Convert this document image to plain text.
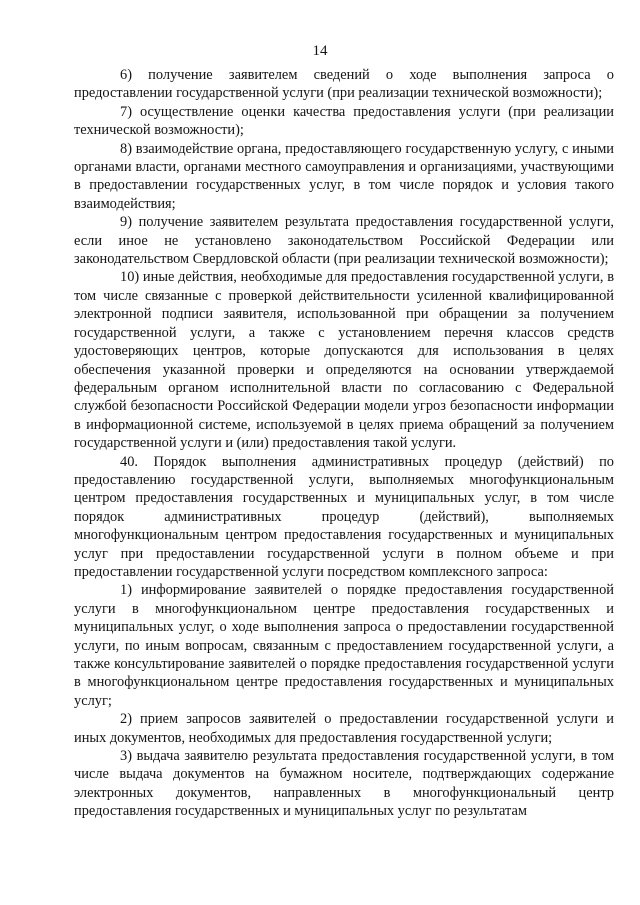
14

6) получение заявителем сведений о ходе выполнения запроса о предоставлении государственной услуги (при реализации технической возможности);

7) осуществление оценки качества предоставления услуги (при реализации технической возможности);

8) взаимодействие органа, предоставляющего государственную услугу, с иными органами власти, органами местного самоуправления и организациями, участвующими в предоставлении государственных услуг, в том числе порядок и условия такого взаимодействия;

9) получение заявителем результата предоставления государственной услуги, если иное не установлено законодательством Российской Федерации или законодательством Свердловской области (при реализации технической возможности);

10) иные действия, необходимые для предоставления государственной услуги, в том числе связанные с проверкой действительности усиленной квалифицированной электронной подписи заявителя, использованной при обращении за получением государственной услуги, а также с установлением перечня классов средств удостоверяющих центров, которые допускаются для использования в целях обеспечения указанной проверки и определяются на основании утверждаемой федеральным органом исполнительной власти по согласованию с Федеральной службой безопасности Российской Федерации модели угроз безопасности информации в информационной системе, используемой в целях приема обращений за получением государственной услуги и (или) предоставления такой услуги.

40. Порядок выполнения административных процедур (действий) по предоставлению государственной услуги, выполняемых многофункциональным центром предоставления государственных и муниципальных услуг, в том числе порядок административных процедур (действий), выполняемых многофункциональным центром предоставления государственных и муниципальных услуг при предоставлении государственной услуги в полном объеме и при предоставлении государственной услуги посредством комплексного запроса:

1) информирование заявителей о порядке предоставления государственной услуги в многофункциональном центре предоставления государственных и муниципальных услуг, о ходе выполнения запроса о предоставлении государственной услуги, по иным вопросам, связанным с предоставлением государственной услуги, а также консультирование заявителей о порядке предоставления государственной услуги в многофункциональном центре предоставления государственных и муниципальных услуг;

2) прием запросов заявителей о предоставлении государственной услуги и иных документов, необходимых для предоставления государственной услуги;

3) выдача заявителю результата предоставления государственной услуги, в том числе выдача документов на бумажном носителе, подтверждающих содержание электронных документов, направленных в многофункциональный центр предоставления государственных и муниципальных услуг по результатам
